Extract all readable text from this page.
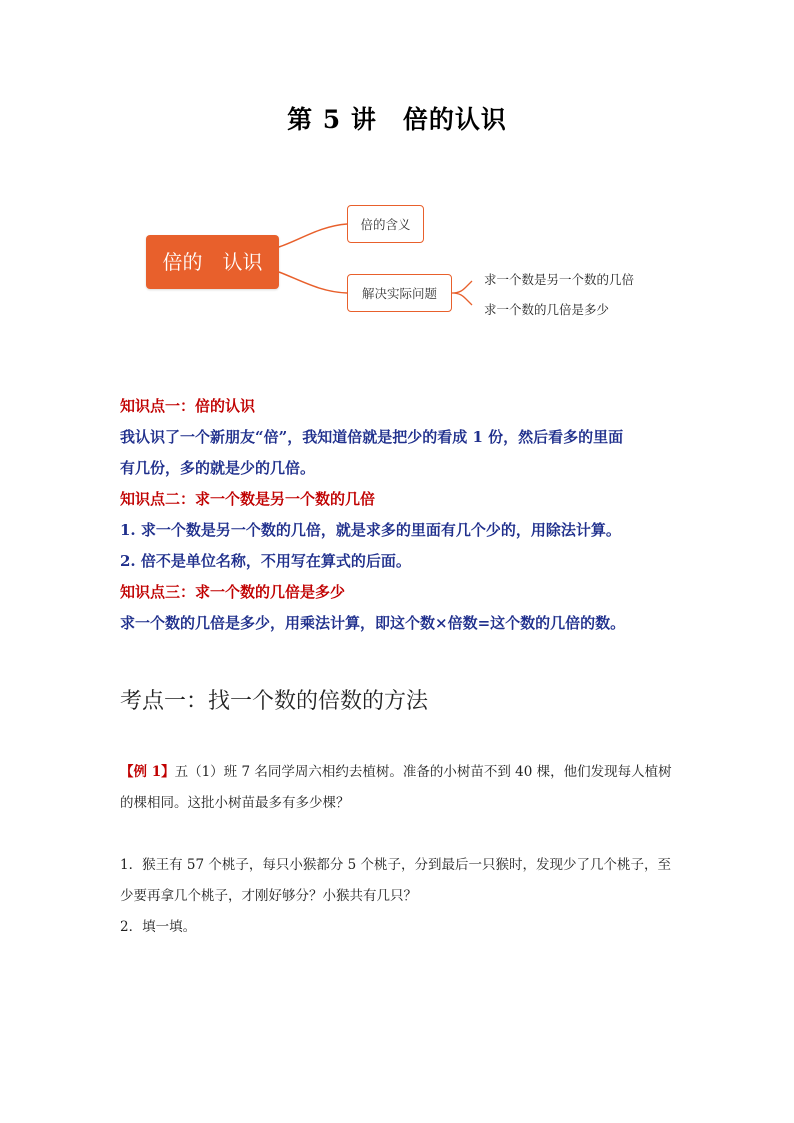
第 5 讲　倍的认识
倍的　认识
倍的含义
解决实际问题
求一个数是另一个数的几倍
求一个数的几倍是多少
知识点一：倍的认识
我认识了一个新朋友“倍”，我知道倍就是把少的看成 1 份，然后看多的里面
有几份，多的就是少的几倍。
知识点二：求一个数是另一个数的几倍
1. 求一个数是另一个数的几倍，就是求多的里面有几个少的，用除法计算。
2. 倍不是单位名称，不用写在算式的后面。
知识点三：求一个数的几倍是多少
求一个数的几倍是多少，用乘法计算，即这个数×倍数=这个数的几倍的数。
考点一：找一个数的倍数的方法
【例 1】五（1）班 7 名同学周六相约去植树。准备的小树苗不到 40 棵，他们发现每人植树
的棵相同。这批小树苗最多有多少棵？
1．猴王有 57 个桃子，每只小猴都分 5 个桃子，分到最后一只猴时，发现少了几个桃子，至
少要再拿几个桃子，才刚好够分？小猴共有几只？
2．填一填。
